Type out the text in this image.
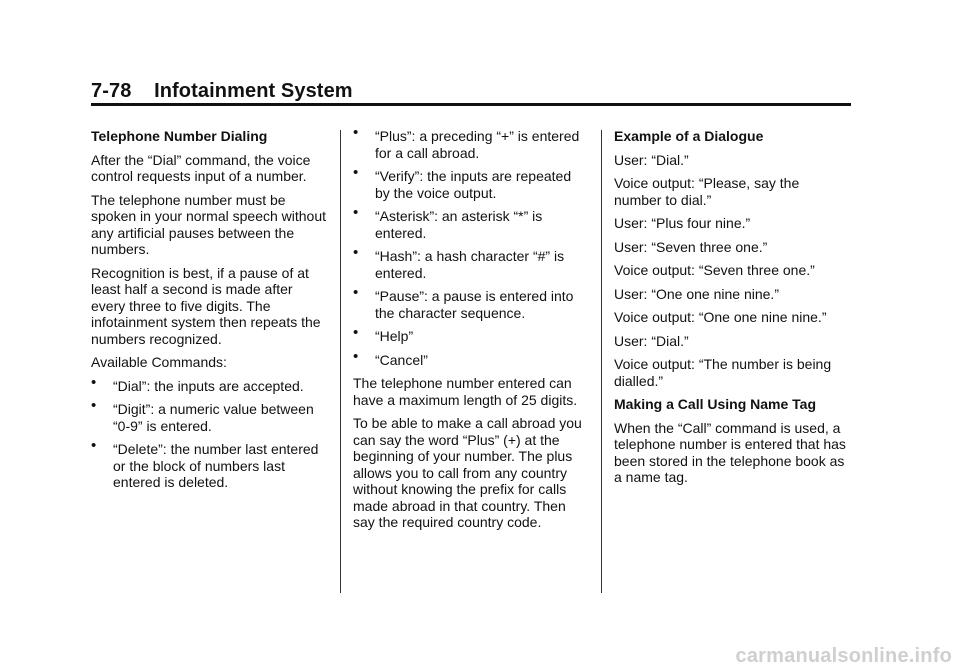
7-78 Infotainment System

Telephone Number Dialing

After the “Dial” command, the voice control requests input of a number.

The telephone number must be spoken in your normal speech without any artificial pauses between the numbers.

Recognition is best, if a pause of at least half a second is made after every three to five digits. The infotainment system then repeats the numbers recognized.

Available Commands:

• “Dial”: the inputs are accepted.
• “Digit”: a numeric value between “0-9” is entered.
• “Delete”: the number last entered or the block of numbers last entered is deleted.
• “Plus”: a preceding “+” is entered for a call abroad.
• “Verify”: the inputs are repeated by the voice output.
• “Asterisk”: an asterisk “*” is entered.
• “Hash”: a hash character “#” is entered.
• “Pause”: a pause is entered into the character sequence.
• “Help”
• “Cancel”

The telephone number entered can have a maximum length of 25 digits.

To be able to make a call abroad you can say the word “Plus” (+) at the beginning of your number. The plus allows you to call from any country without knowing the prefix for calls made abroad in that country. Then say the required country code.

Example of a Dialogue

User: “Dial.”

Voice output: “Please, say the number to dial.”

User: “Plus four nine.”

User: “Seven three one.”

Voice output: “Seven three one.”

User: “One one nine nine.”

Voice output: “One one nine nine.”

User: “Dial.”

Voice output: “The number is being dialled.”

Making a Call Using Name Tag

When the “Call” command is used, a telephone number is entered that has been stored in the telephone book as a name tag.

carmanualsonline.info
